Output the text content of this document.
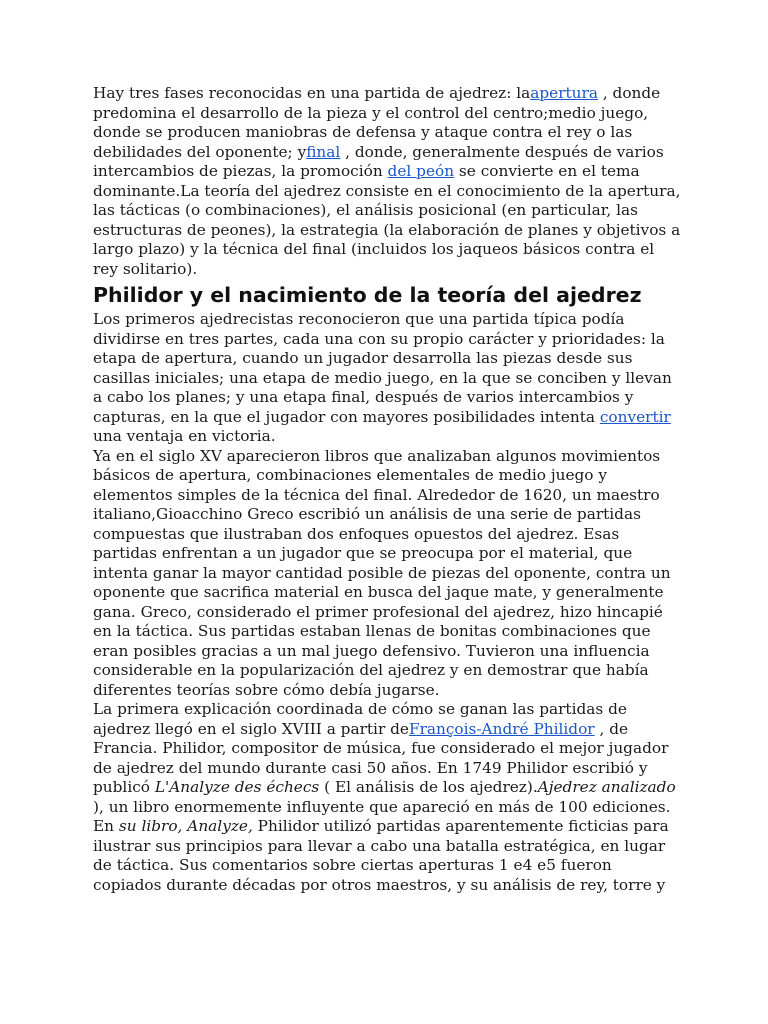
Hay tres fases reconocidas en una partida de ajedrez: laapertura , donde predomina el desarrollo de la pieza y el control del centro;medio juego, donde se producen maniobras de defensa y ataque contra el rey o las debilidades del oponente; yfinal , donde, generalmente después de varios intercambios de piezas, la promoción del peón se convierte en el tema dominante.La teoría del ajedrez consiste en el conocimiento de la apertura, las tácticas (o combinaciones), el análisis posicional (en particular, las estructuras de peones), la estrategia (la elaboración de planes y objetivos a largo plazo) y la técnica del final (incluidos los jaqueos básicos contra el rey solitario).

Philidor y el nacimiento de la teoría del ajedrez

Los primeros ajedrecistas reconocieron que una partida típica podía dividirse en tres partes, cada una con su propio carácter y prioridades: la etapa de apertura, cuando un jugador desarrolla las piezas desde sus casillas iniciales; una etapa de medio juego, en la que se conciben y llevan a cabo los planes; y una etapa final, después de varios intercambios y capturas, en la que el jugador con mayores posibilidades intenta convertir una ventaja en victoria.

Ya en el siglo XV aparecieron libros que analizaban algunos movimientos básicos de apertura, combinaciones elementales de medio juego y elementos simples de la técnica del final. Alrededor de 1620, un maestro italiano,Gioacchino Greco escribió un análisis de una serie de partidas compuestas que ilustraban dos enfoques opuestos del ajedrez. Esas partidas enfrentan a un jugador que se preocupa por el material, que intenta ganar la mayor cantidad posible de piezas del oponente, contra un oponente que sacrifica material en busca del jaque mate, y generalmente gana. Greco, considerado el primer profesional del ajedrez, hizo hincapié en la táctica. Sus partidas estaban llenas de bonitas combinaciones que eran posibles gracias a un mal juego defensivo. Tuvieron una influencia considerable en la popularización del ajedrez y en demostrar que había diferentes teorías sobre cómo debía jugarse.

La primera explicación coordinada de cómo se ganan las partidas de ajedrez llegó en el siglo XVIII a partir deFrançois-André Philidor , de Francia. Philidor, compositor de música, fue considerado el mejor jugador de ajedrez del mundo durante casi 50 años. En 1749 Philidor escribió y publicó L'Analyze des échecs ( El análisis de los ajedrez).Ajedrez analizado ), un libro enormemente influyente que apareció en más de 100 ediciones.

En su libro, Analyze, Philidor utilizó partidas aparentemente ficticias para ilustrar sus principios para llevar a cabo una batalla estratégica, en lugar de táctica. Sus comentarios sobre ciertas aperturas 1 e4 e5 fueron copiados durante décadas por otros maestros, y su análisis de rey, torre y
